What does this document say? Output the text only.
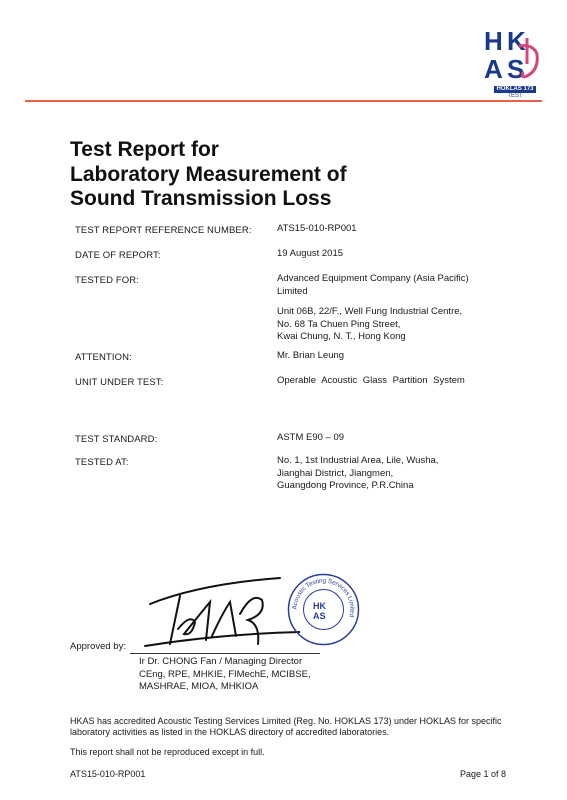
H K
A S
HOKLAS 173
TEST
Test Report for
Laboratory Measurement of
Sound Transmission Loss
TEST REPORT REFERENCE NUMBER:	ATS15-010-RP001
DATE OF REPORT:	19 August 2015
TESTED FOR:	Advanced Equipment Company (Asia Pacific)
Limited
Unit 06B, 22/F., Well Fung Industrial Centre,
No. 68 Ta Chuen Ping Street,
Kwai Chung, N. T., Hong Kong
ATTENTION:	Mr. Brian Leung
UNIT UNDER TEST:	Operable Acoustic Glass Partition System
TEST STANDARD:	ASTM E90 – 09
TESTED AT:	No. 1, 1st Industrial Area, Lile, Wusha,
Jianghai District, Jiangmen,
Guangdong Province, P.R.China
Acoustic Testing Services Limited
HK
AS
Approved by:
Ir Dr. CHONG Fan / Managing Director
CEng, RPE, MHKIE, FIMechE, MCIBSE,
MASHRAE, MIOA, MHKIOA
HKAS has accredited Acoustic Testing Services Limited (Reg. No. HOKLAS 173) under HOKLAS for specific laboratory activities as listed in the HOKLAS directory of accredited laboratories.
This report shall not be reproduced except in full.
ATS15-010-RP001	Page 1 of 8
